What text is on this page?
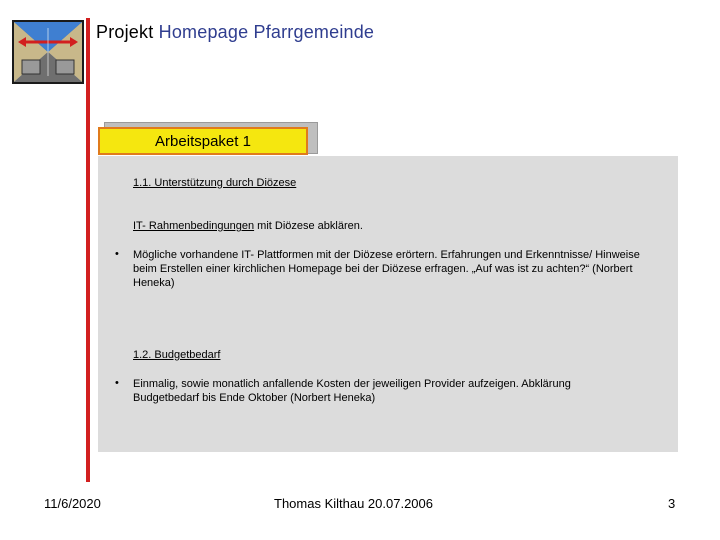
Projekt Homepage Pfarrgemeinde
Arbeitspaket 1
1.1. Unterstützung durch Diözese
IT- Rahmenbedingungen mit Diözese abklären.
• Mögliche vorhandene IT- Plattformen mit der Diözese erörtern. Erfahrungen und Erkenntnisse/ Hinweise beim Erstellen einer kirchlichen Homepage bei der Diözese erfragen. „Auf was ist zu achten?“ (Norbert Heneka)
1.2. Budgetbedarf
• Einmalig, sowie monatlich anfallende Kosten der jeweiligen Provider aufzeigen. Abklärung Budgetbedarf bis Ende Oktober (Norbert Heneka)
11/6/2020	Thomas Kilthau 20.07.2006	3
